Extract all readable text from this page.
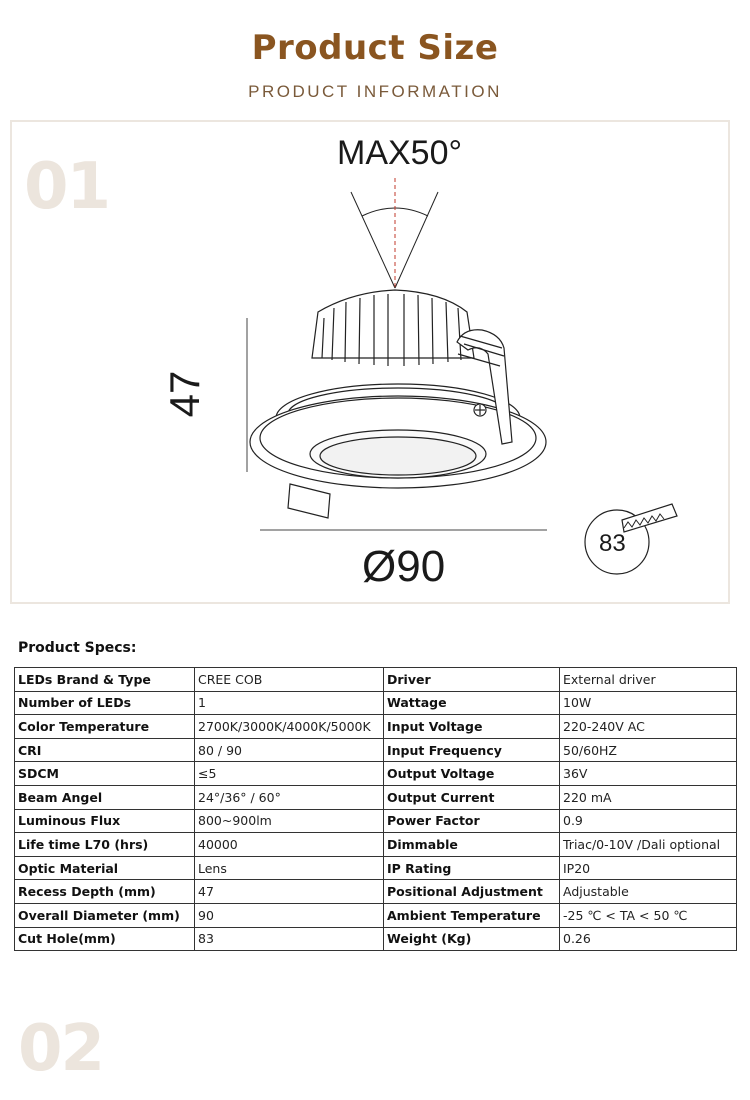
Product Size
PRODUCT INFORMATION
01	MAX50°
47
Ø90	83
Product Specs:
LEDs Brand & Type	CREE COB	Driver	External driver
Number of LEDs	1	Wattage	10W
Color Temperature	2700K/3000K/4000K/5000K	Input Voltage	220-240V AC
CRI	80 / 90	Input Frequency	50/60HZ
SDCM	≤5	Output Voltage	36V
Beam Angel	24°/36° / 60°	Output Current	220 mA
Luminous Flux	800~900lm	Power Factor	0.9
Life time L70 (hrs)	40000	Dimmable	Triac/0-10V /Dali optional
Optic Material	Lens	IP Rating	IP20
Recess Depth (mm)	47	Positional Adjustment	Adjustable
Overall Diameter (mm)	90	Ambient Temperature	-25 ℃ < TA < 50 ℃
Cut Hole(mm)	83	Weight (Kg)	0.26
02
